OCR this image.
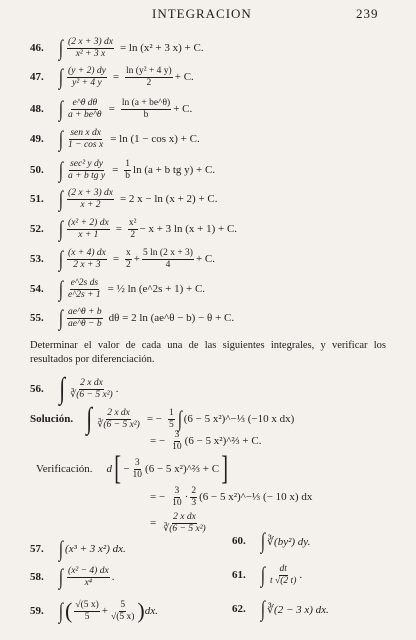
INTEGRACION	239
46. ∫ $\frac{(2 x + 3) dx}{\text{x² + 3 x}} = \ln (x^2 + 3$ x) + C.
47. ∫ $\frac{(y + 2) dy}{\text{y² + 4 y}} = \frac{\text{ln (y² + 4 y)}}{2} + C$.
48. ∫ $\frac{\text{e\textasciicircum{}θ dθ}}{a + be\^{}\theta} = \frac{\ln (a + be\^{}\theta)}{b} + C$.
49. ∫ sen x dx
1 − cos x = ln (1 − cos x) + C.
50. ∫ sec² y dy
a + b tg $y = \frac{1}{b}$ ln (a + b tg y) + C.
51. ∫ $\frac{(2 x + 3) dx}{x + 2} = 2$ x − ln (x + 2) + C.
52. ∫ $\frac{\text{(x² + 2) dx}}{x + 1} = \frac{\text{x²}}{2} - x + 3$ ln (x + 1) + C.
53. ∫ $\frac{(x + 4) dx}{2 x + 3} = \frac{x}{2} + \frac{5 \ln (2 x + 3)}{4} + C$.
54. ∫ $\frac{\text{e\textasciicircum{}2s ds}}{e\^{}2s + 1}$ = ½ ln (e^2s + 1) + C.
55. ∫ ae^θ + b
ae^θ − b dθ = 2 ln (ae^θ − b) − θ + C.
Determinar el valor de cada una de las siguientes integrales, y verificar los resultados por diferenciación.
56. ∫ 2 x dx
∛(6 − 5 x²) .
Solución. ∫ $\frac{\text{2 x dx}}{\text{∛(6 − 5 x²)}}$ = − $\frac{1}{5}$ ∫ (6 − 5 x²)^−⅓ (−10 x dx)
= − $\frac{3}{10} (6 - 5$ x²)^⅔ + C.
Verificación. d [ − $\frac{3}{10} (6 - 5$ x²)^⅔ + C ]
= − $\frac{3}{10} \cdot 2$
3 (6 − 5 x²)^−⅓ (− 10 x) dx
= $\frac{\text{2 x dx}}{\text{∛(6 − 5 x²)}}$
57. ∫ (x³ + 3 x²) dx.
60. ∫ ∛(by²) dy.
58. ∫ (x² − 4) dx
x⁴ .	61. ∫ dt
t √(2 t) .
59. ∫ ( √(5 x)
$5 + \frac{5}{√(5 x)}$ ) dx.	62. ∫ ∛(2 − 3 x) dx.
